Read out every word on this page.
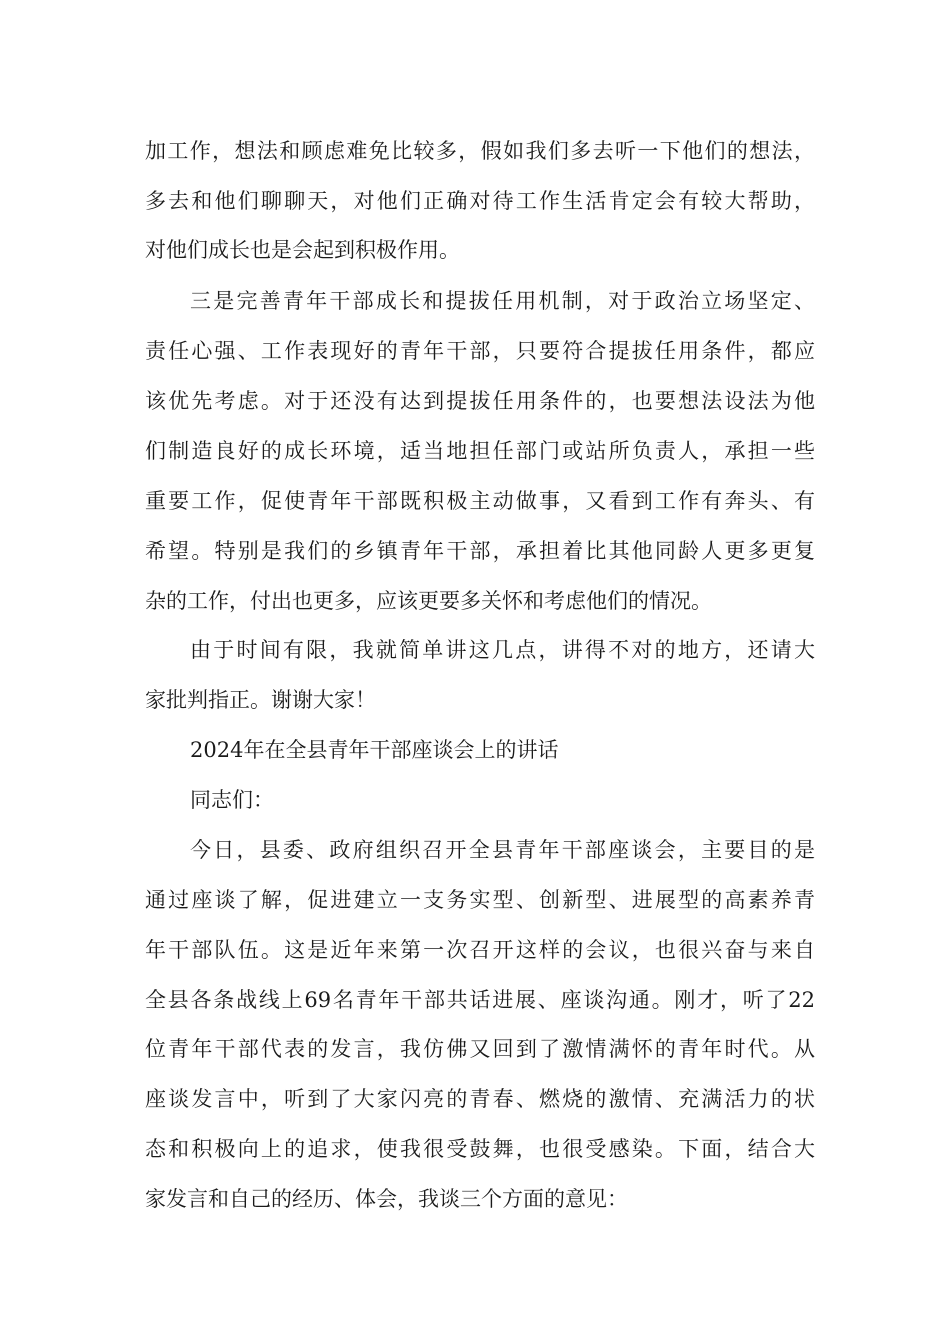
加工作，想法和顾虑难免比较多，假如我们多去听一下他们的想法，
多去和他们聊聊天，对他们正确对待工作生活肯定会有较大帮助，
对他们成长也是会起到积极作用。
三是完善青年干部成长和提拔任用机制，对于政治立场坚定、
责任心强、工作表现好的青年干部，只要符合提拔任用条件，都应
该优先考虑。对于还没有达到提拔任用条件的，也要想法设法为他
们制造良好的成长环境，适当地担任部门或站所负责人，承担一些
重要工作，促使青年干部既积极主动做事，又看到工作有奔头、有
希望。特别是我们的乡镇青年干部，承担着比其他同龄人更多更复
杂的工作，付出也更多，应该更要多关怀和考虑他们的情况。
由于时间有限，我就简单讲这几点，讲得不对的地方，还请大
家批判指正。谢谢大家！
2024年在全县青年干部座谈会上的讲话
同志们：
今日，县委、政府组织召开全县青年干部座谈会，主要目的是
通过座谈了解，促进建立一支务实型、创新型、进展型的高素养青
年干部队伍。这是近年来第一次召开这样的会议，也很兴奋与来自
全县各条战线上69名青年干部共话进展、座谈沟通。刚才，听了22
位青年干部代表的发言，我仿佛又回到了激情满怀的青年时代。从
座谈发言中，听到了大家闪亮的青春、燃烧的激情、充满活力的状
态和积极向上的追求，使我很受鼓舞，也很受感染。下面，结合大
家发言和自己的经历、体会，我谈三个方面的意见：
